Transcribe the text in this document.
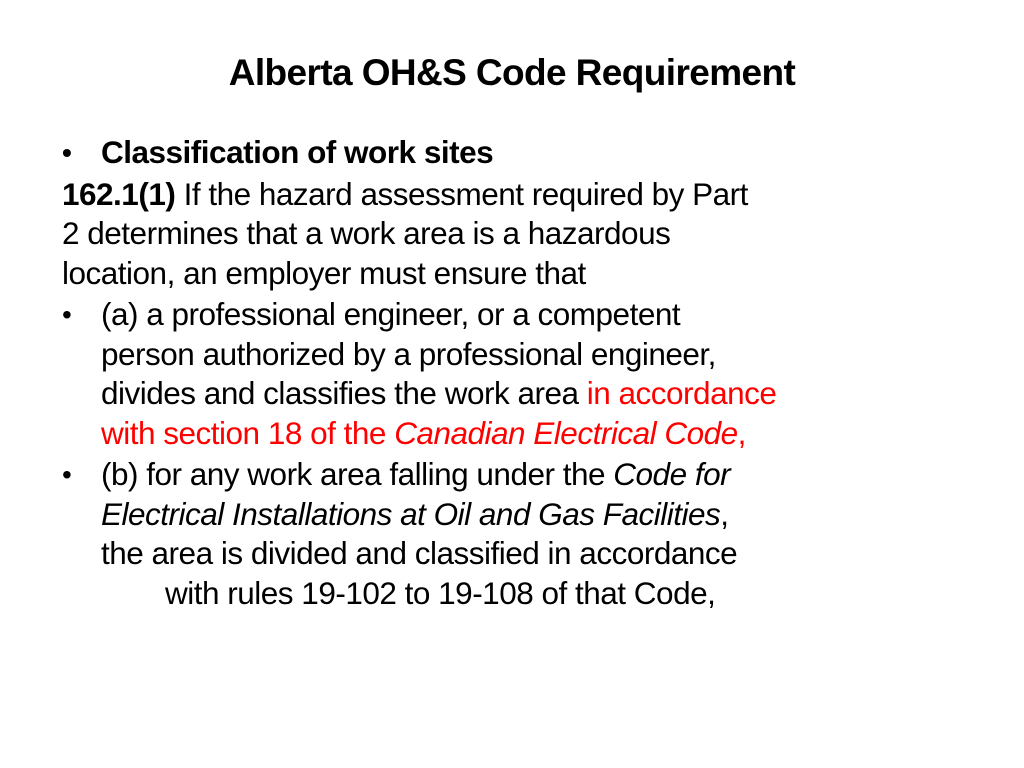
Alberta OH&S Code Requirement
• Classification of work sites
162.1(1) If the hazard assessment required by Part
2 determines that a work area is a hazardous
location, an employer must ensure that
• (a) a professional engineer, or a competent
person authorized by a professional engineer,
divides and classifies the work area in accordance
with section 18 of the Canadian Electrical Code,
• (b) for any work area falling under the Code for
Electrical Installations at Oil and Gas Facilities,
the area is divided and classified in accordance
with rules 19-102 to 19-108 of that Code,
